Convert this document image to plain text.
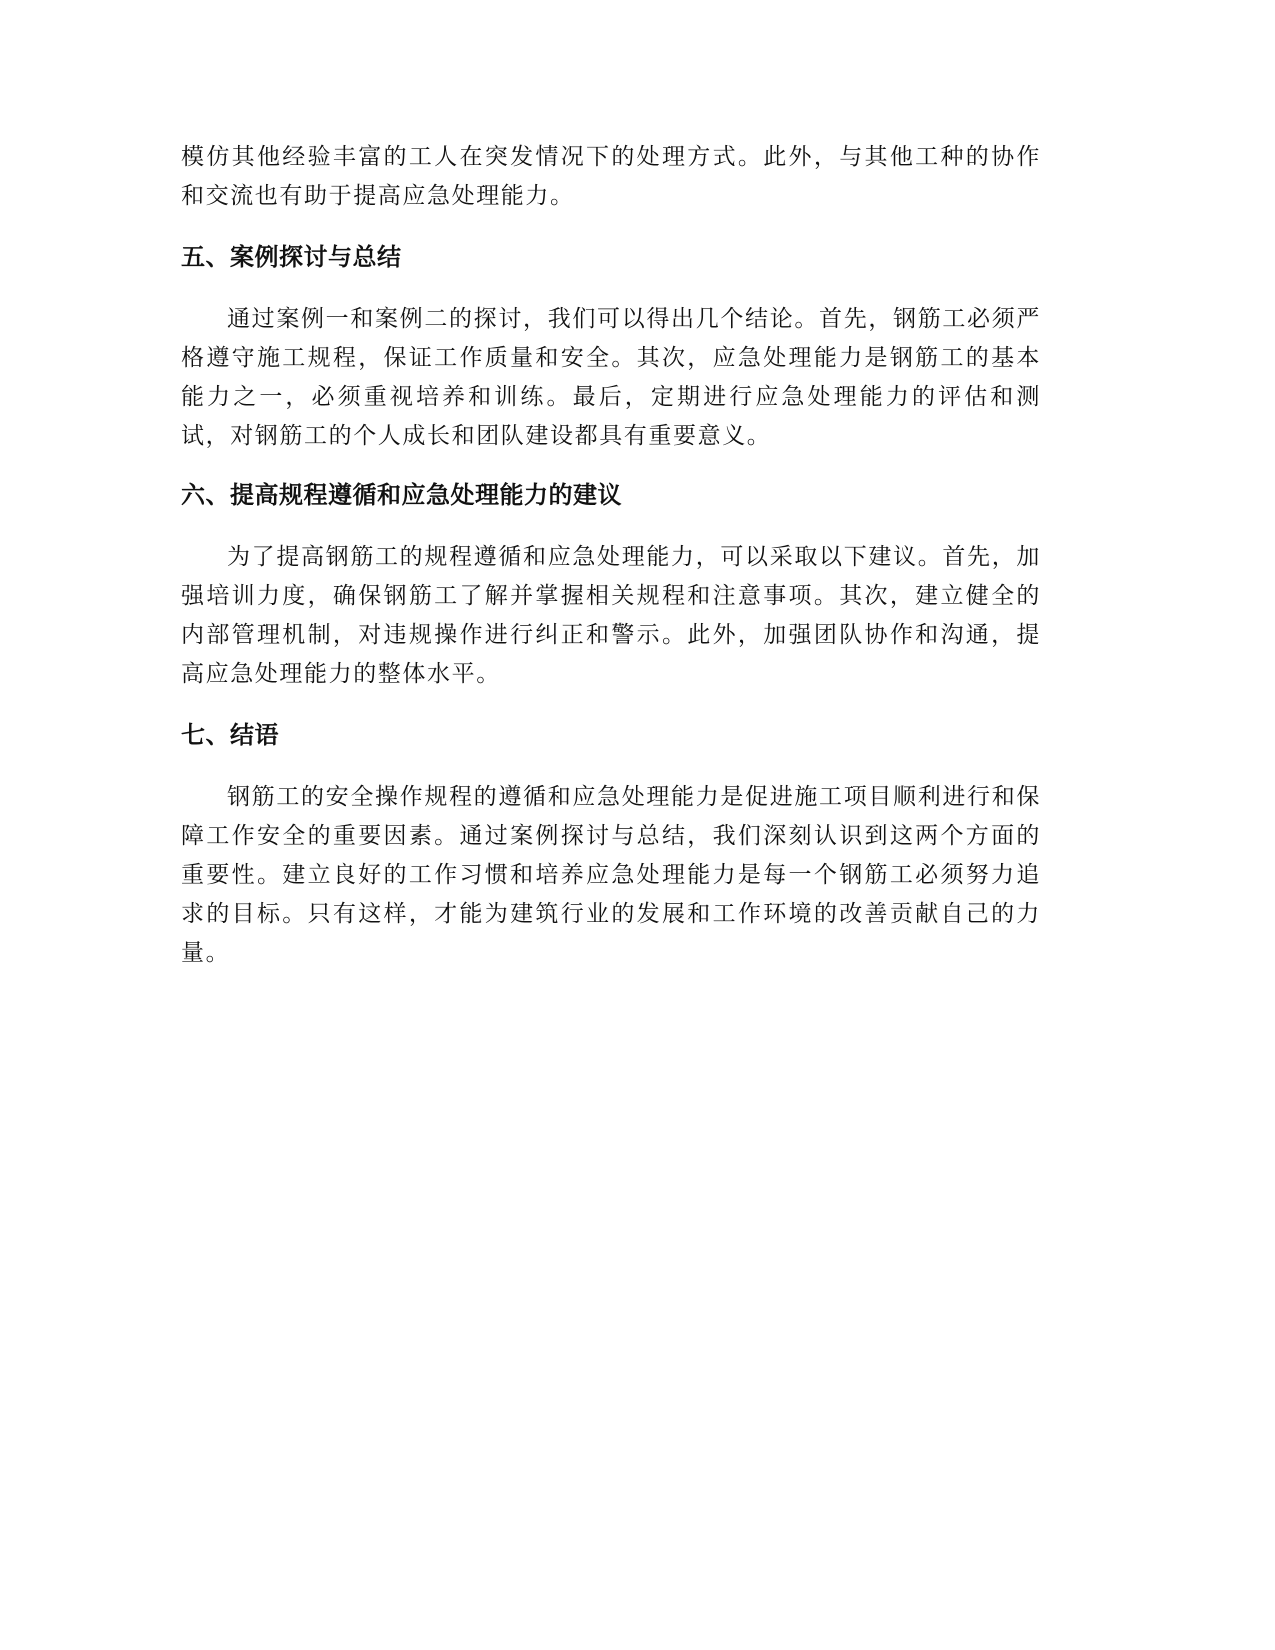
模仿其他经验丰富的工人在突发情况下的处理方式。此外，与其他工种的协作和交流也有助于提高应急处理能力。

五、案例探讨与总结

通过案例一和案例二的探讨，我们可以得出几个结论。首先，钢筋工必须严格遵守施工规程，保证工作质量和安全。其次，应急处理能力是钢筋工的基本能力之一，必须重视培养和训练。最后，定期进行应急处理能力的评估和测试，对钢筋工的个人成长和团队建设都具有重要意义。

六、提高规程遵循和应急处理能力的建议

为了提高钢筋工的规程遵循和应急处理能力，可以采取以下建议。首先，加强培训力度，确保钢筋工了解并掌握相关规程和注意事项。其次，建立健全的内部管理机制，对违规操作进行纠正和警示。此外，加强团队协作和沟通，提高应急处理能力的整体水平。

七、结语

钢筋工的安全操作规程的遵循和应急处理能力是促进施工项目顺利进行和保障工作安全的重要因素。通过案例探讨与总结，我们深刻认识到这两个方面的重要性。建立良好的工作习惯和培养应急处理能力是每一个钢筋工必须努力追求的目标。只有这样，才能为建筑行业的发展和工作环境的改善贡献自己的力量。
